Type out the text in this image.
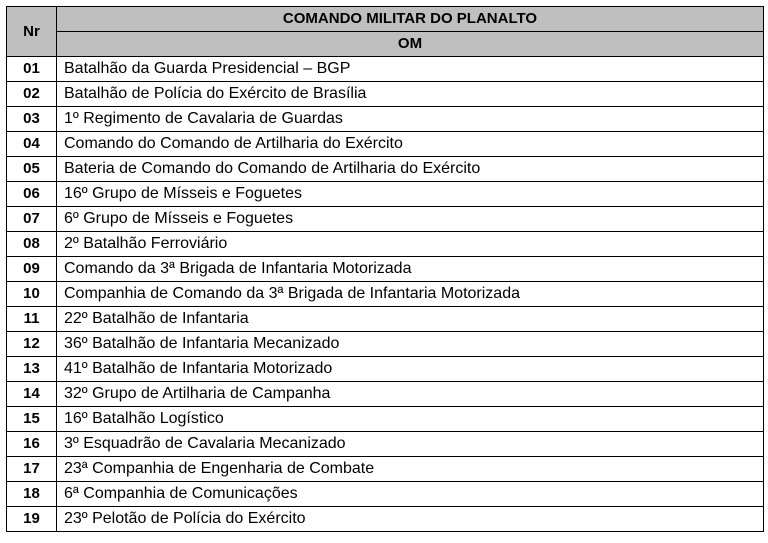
Nr	COMANDO MILITAR DO PLANALTO
	OM
01	Batalhão da Guarda Presidencial – BGP
02	Batalhão de Polícia do Exército de Brasília
03	1º Regimento de Cavalaria de Guardas
04	Comando do Comando de Artilharia do Exército
05	Bateria de Comando do Comando de Artilharia do Exército
06	16º Grupo de Mísseis e Foguetes
07	6º Grupo de Mísseis e Foguetes
08	2º Batalhão Ferroviário
09	Comando da 3ª Brigada de Infantaria Motorizada
10	Companhia de Comando da 3ª Brigada de Infantaria Motorizada
11	22º Batalhão de Infantaria
12	36º Batalhão de Infantaria Mecanizado
13	41º Batalhão de Infantaria Motorizado
14	32º Grupo de Artilharia de Campanha
15	16º Batalhão Logístico
16	3º Esquadrão de Cavalaria Mecanizado
17	23ª Companhia de Engenharia de Combate
18	6ª Companhia de Comunicações
19	23º Pelotão de Polícia do Exército
